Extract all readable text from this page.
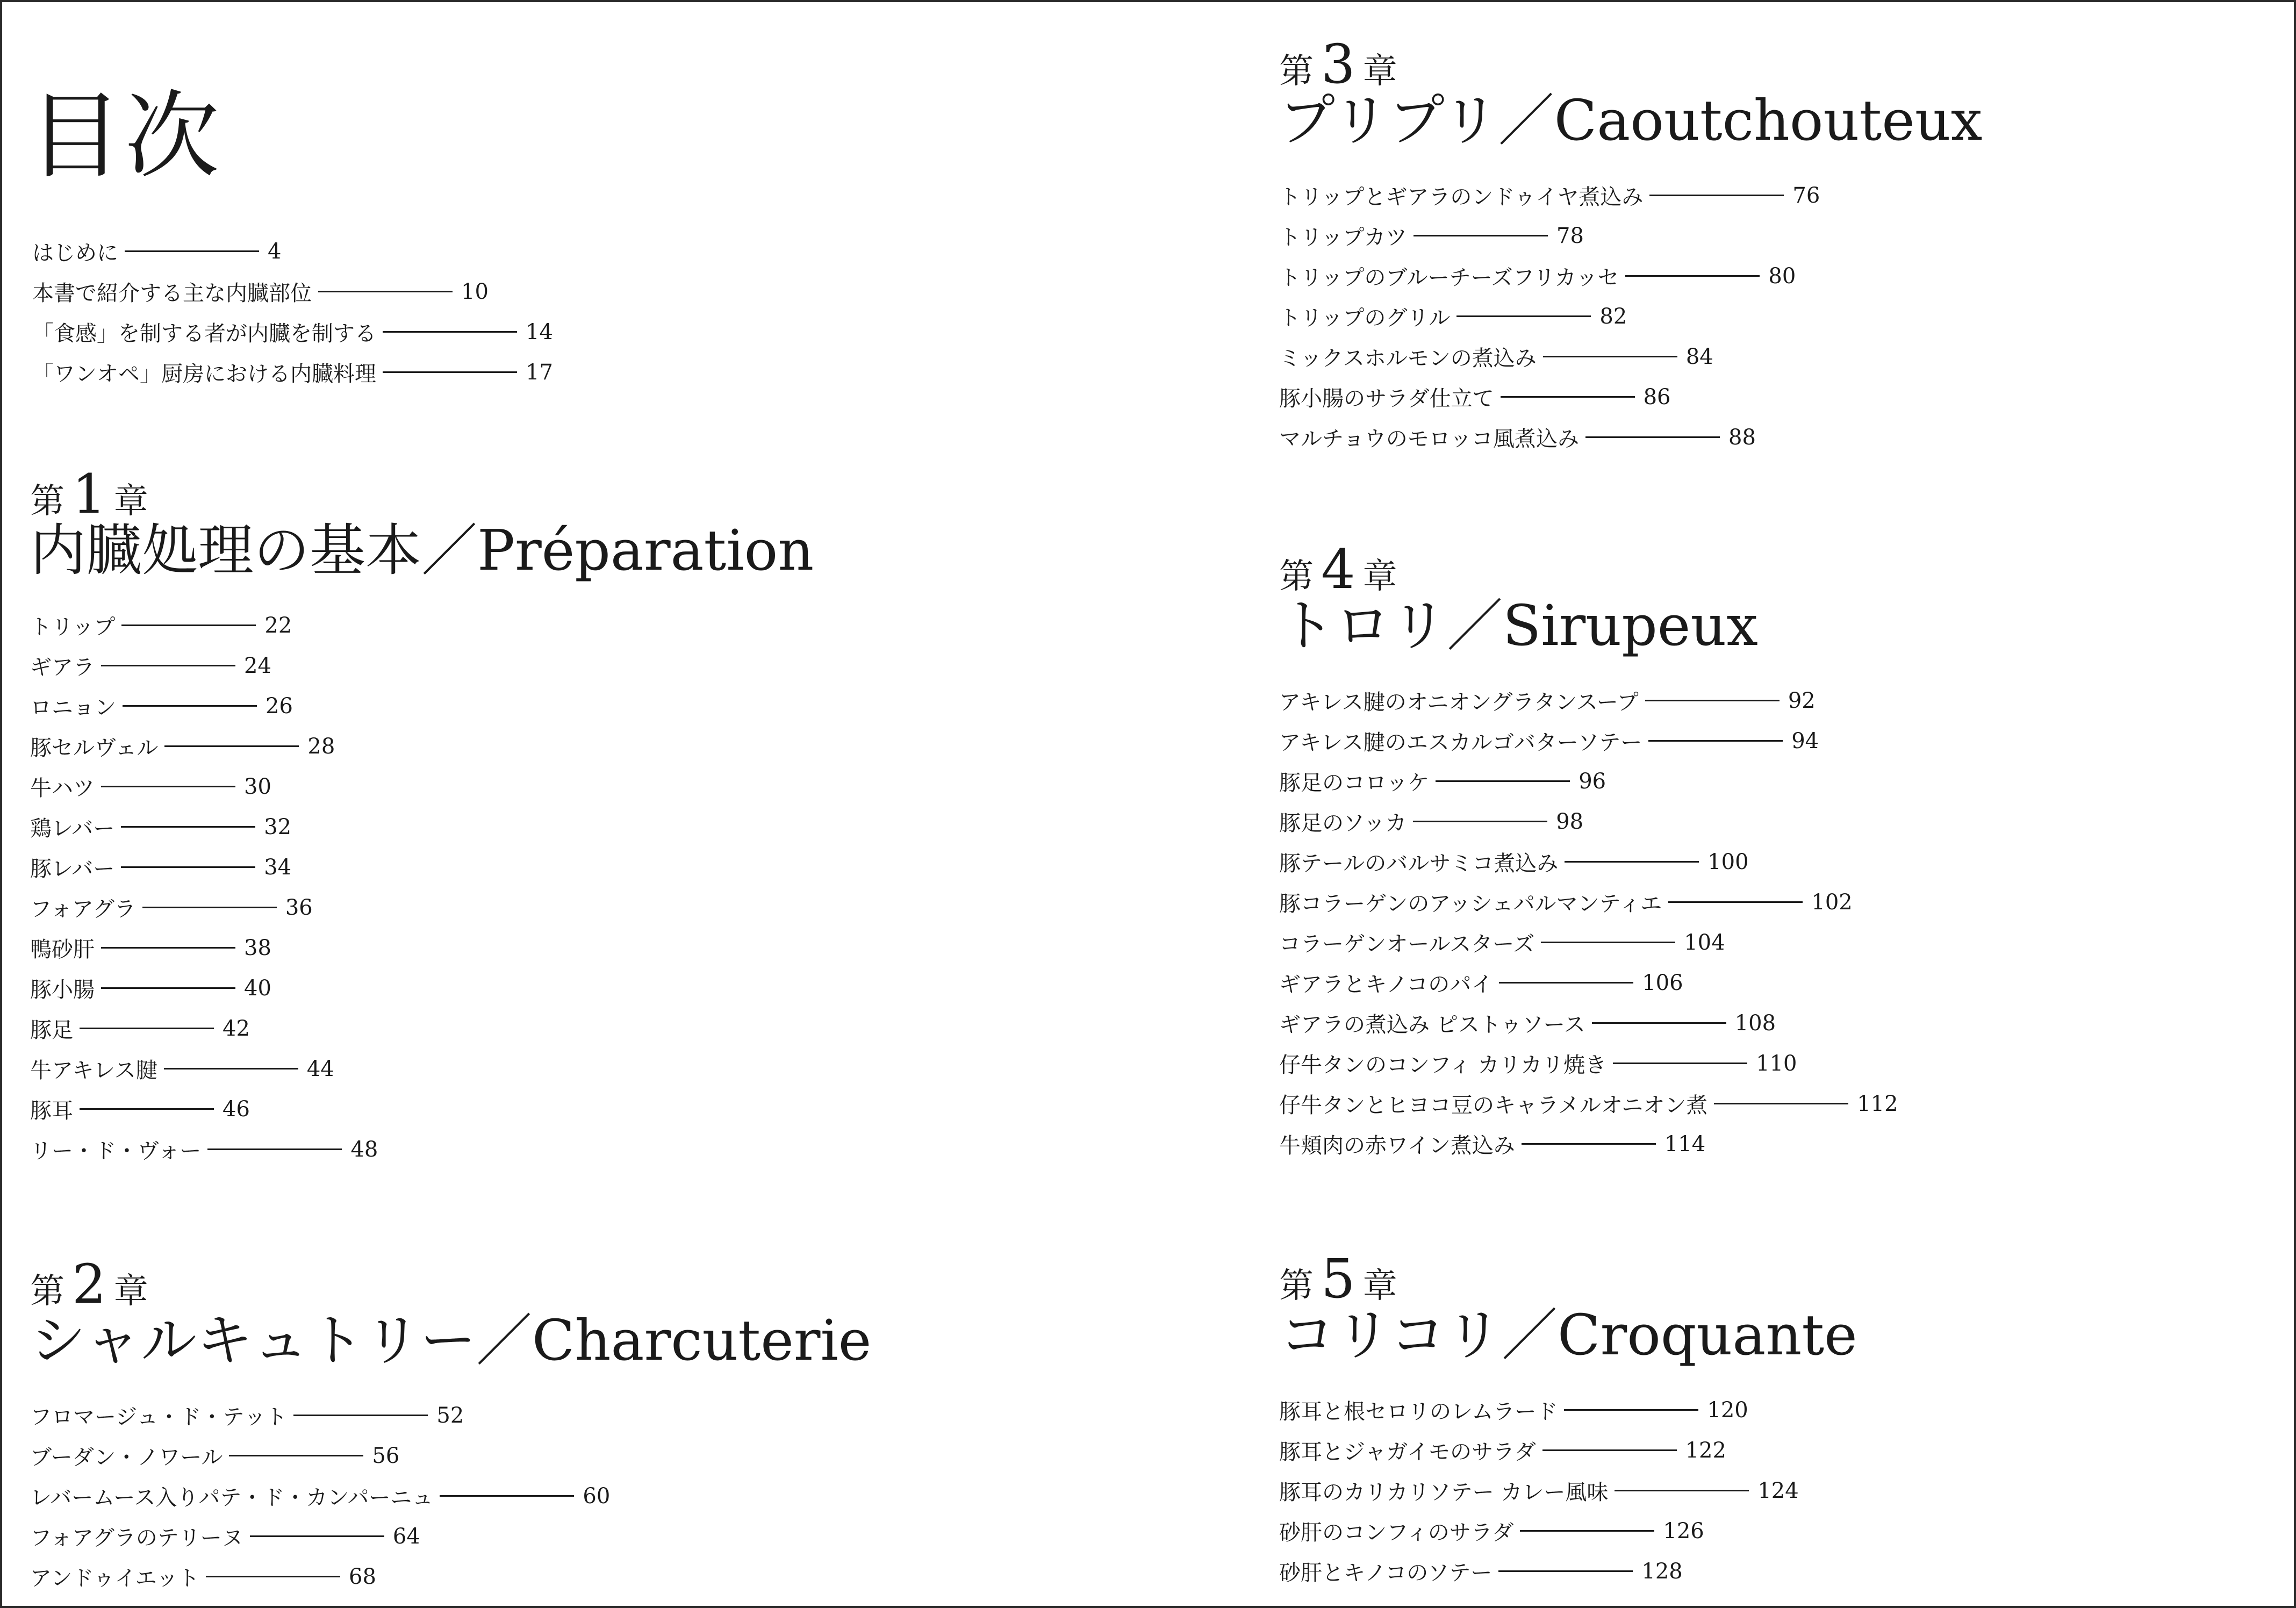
目次
はじめに	4
本書で紹介する主な内臓部位	10
「食感」を制する者が内臓を制する	14
「ワンオペ」厨房における内臓料理	17
第 1 章
内臓処理の基本／Préparation
トリップ	22
ギアラ	24
ロニョン	26
豚セルヴェル	28
牛ハツ	30
鶏レバー	32
豚レバー	34
フォアグラ	36
鴨砂肝	38
豚小腸	40
豚足	42
牛アキレス腱	44
豚耳	46
リー・ド・ヴォー	48
第 2 章
シャルキュトリー／Charcuterie
フロマージュ・ド・テット	52
ブーダン・ノワール	56
レバームース入りパテ・ド・カンパーニュ	60
フォアグラのテリーヌ	64
アンドゥイエット	68
第 3 章
プリプリ／Caoutchouteux
トリップとギアラのンドゥイヤ煮込み	76
トリップカツ	78
トリップのブルーチーズフリカッセ	80
トリップのグリル	82
ミックスホルモンの煮込み	84
豚小腸のサラダ仕立て	86
マルチョウのモロッコ風煮込み	88
第 4 章
トロリ／Sirupeux
アキレス腱のオニオングラタンスープ	92
アキレス腱のエスカルゴバターソテー	94
豚足のコロッケ	96
豚足のソッカ	98
豚テールのバルサミコ煮込み	100
豚コラーゲンのアッシェパルマンティエ	102
コラーゲンオールスターズ	104
ギアラとキノコのパイ	106
ギアラの煮込み ピストゥソース	108
仔牛タンのコンフィ カリカリ焼き	110
仔牛タンとヒヨコ豆のキャラメルオニオン煮	112
牛頬肉の赤ワイン煮込み	114
第 5 章
コリコリ／Croquante
豚耳と根セロリのレムラード	120
豚耳とジャガイモのサラダ	122
豚耳のカリカリソテー カレー風味	124
砂肝のコンフィのサラダ	126
砂肝とキノコのソテー	128
